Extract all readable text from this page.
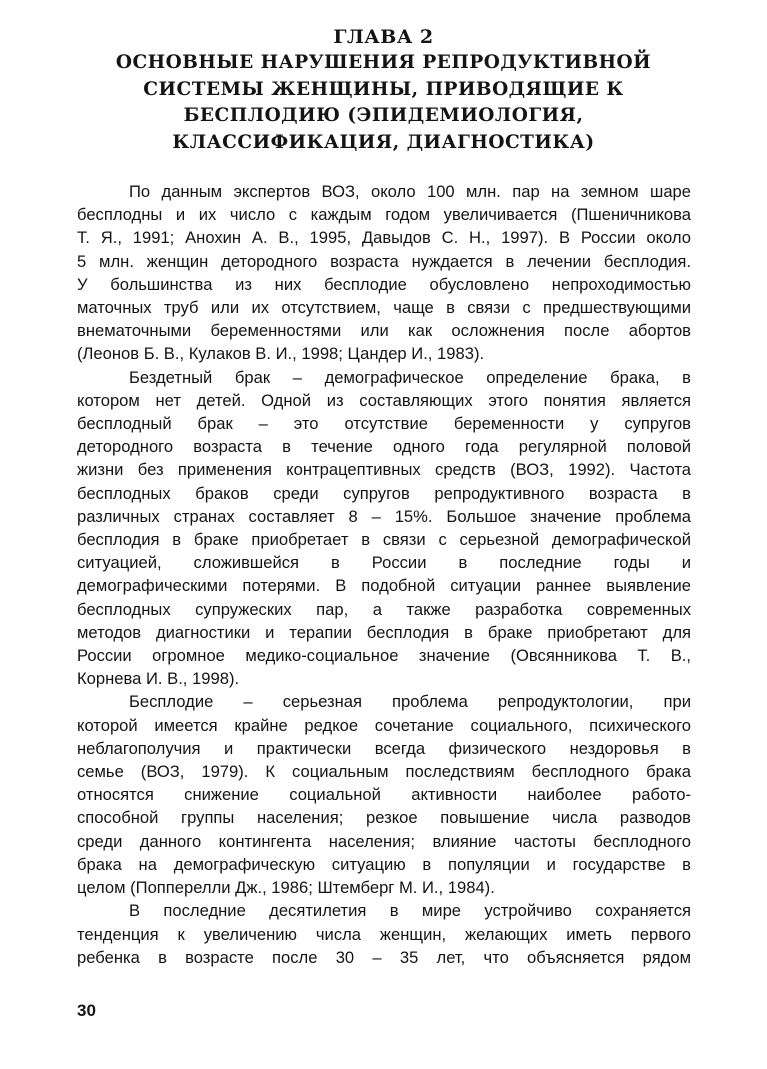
ГЛАВА 2

ОСНОВНЫЕ НАРУШЕНИЯ РЕПРОДУКТИВНОЙ
СИСТЕМЫ ЖЕНЩИНЫ, ПРИВОДЯЩИЕ К
БЕСПЛОДИЮ (ЭПИДЕМИОЛОГИЯ,
КЛАССИФИКАЦИЯ, ДИАГНОСТИКА)

По данным экспертов ВОЗ, около 100 млн. пар на земном шаре
бесплодны и их число с каждым годом увеличивается (Пшеничникова
Т. Я., 1991; Анохин А. В., 1995, Давыдов С. Н., 1997). В России около
5 млн. женщин детородного возраста нуждается в лечении бесплодия.
У большинства из них бесплодие обусловлено непроходимостью
маточных труб или их отсутствием, чаще в связи с предшествующими
внематочными беременностями или как осложнения после абортов
(Леонов Б. В., Кулаков В. И., 1998; Цандер И., 1983).

Бездетный брак – демографическое определение брака, в
котором нет детей. Одной из составляющих этого понятия является
бесплодный брак – это отсутствие беременности у супругов
детородного возраста в течение одного года регулярной половой
жизни без применения контрацептивных средств (ВОЗ, 1992). Частота
бесплодных браков среди супругов репродуктивного возраста в
различных странах составляет 8 – 15%. Большое значение проблема
бесплодия в браке приобретает в связи с серьезной демографической
ситуацией, сложившейся в России в последние годы и
демографическими потерями. В подобной ситуации раннее выявление
бесплодных супружеских пар, а также разработка современных
методов диагностики и терапии бесплодия в браке приобретают для
России огромное медико-социальное значение (Овсянникова Т. В.,
Корнева И. В., 1998).

Бесплодие – серьезная проблема репродуктологии, при
которой имеется крайне редкое сочетание социального, психического
неблагополучия и практически всегда физического нездоровья в
семье (ВОЗ, 1979). К социальным последствиям бесплодного брака
относятся снижение социальной активности наиболее работо-
способной группы населения; резкое повышение числа разводов
среди данного контингента населения; влияние частоты бесплодного
брака на демографическую ситуацию в популяции и государстве в
целом (Попперелли Дж., 1986; Штемберг М. И., 1984).

В последние десятилетия в мире устройчиво сохраняется
тенденция к увеличению числа женщин, желающих иметь первого
ребенка в возрасте после 30 – 35 лет, что объясняется рядом

30
